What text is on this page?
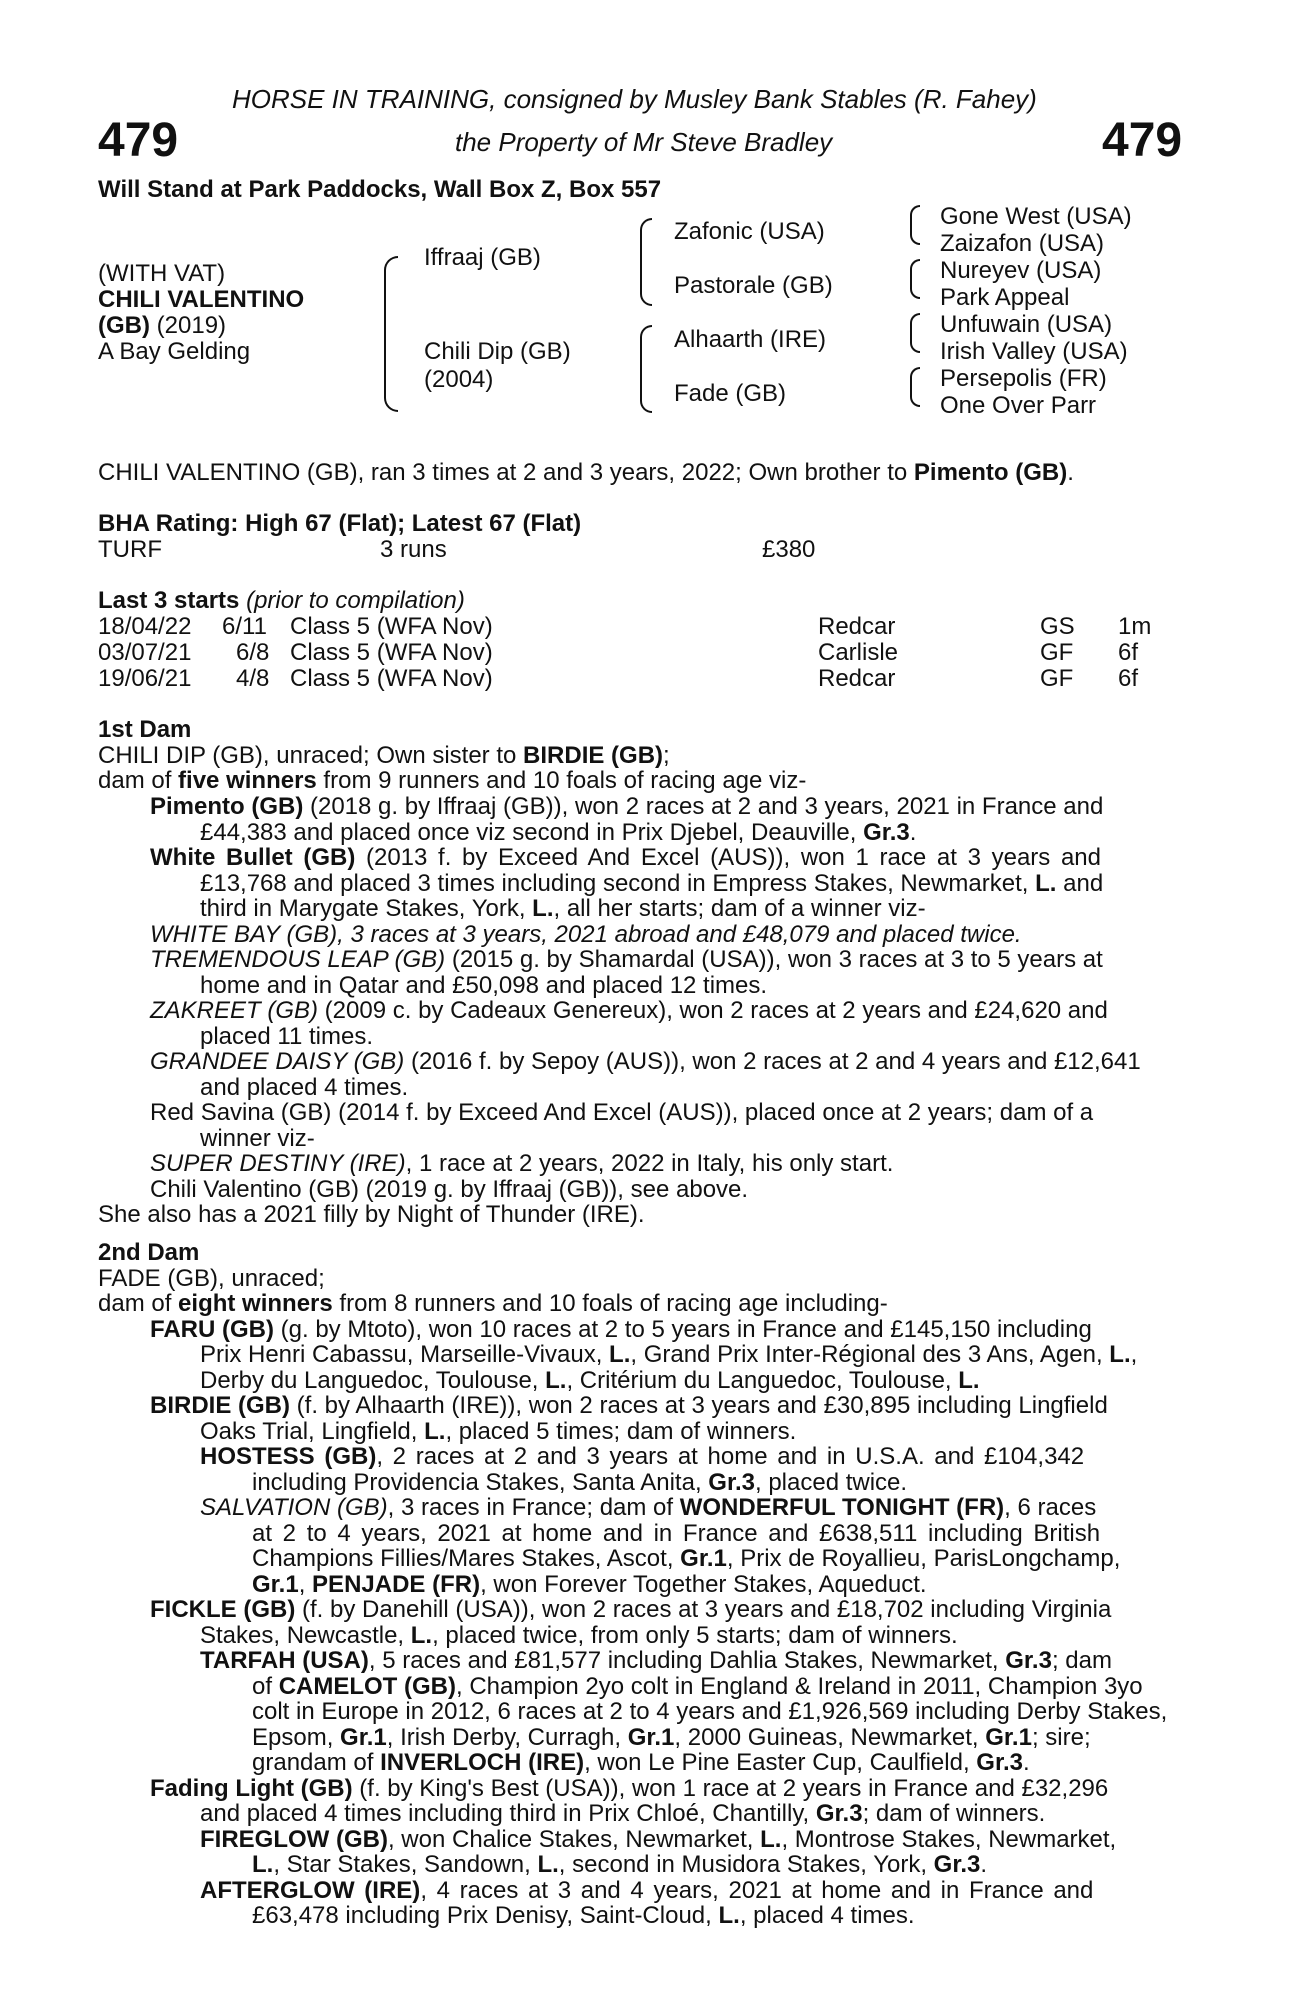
479	479
HORSE IN TRAINING, consigned by Musley Bank Stables (R. Fahey)
the Property of Mr Steve Bradley
Will Stand at Park Paddocks, Wall Box Z, Box 557
(WITH VAT)
CHILI VALENTINO
(GB) (2019)
A Bay Gelding
Iffraaj (GB)
Chili Dip (GB)
(2004)
Zafonic (USA)
Pastorale (GB)
Alhaarth (IRE)
Fade (GB)
Gone West (USA)
Zaizafon (USA)
Nureyev (USA)
Park Appeal
Unfuwain (USA)
Irish Valley (USA)
Persepolis (FR)
One Over Parr
CHILI VALENTINO (GB), ran 3 times at 2 and 3 years, 2022; Own brother to Pimento (GB).
BHA Rating: High 67 (Flat); Latest 67 (Flat)
TURF	3 runs	£380
Last 3 starts (prior to compilation)
18/04/22 6/11 Class 5 (WFA Nov)	Redcar	GS 1m
03/07/21 6/8 Class 5 (WFA Nov)	Carlisle	GF 6f
19/06/21 4/8 Class 5 (WFA Nov)	Redcar	GF 6f
1st Dam
CHILI DIP (GB), unraced; Own sister to BIRDIE (GB);
dam of five winners from 9 runners and 10 foals of racing age viz-
Pimento (GB) (2018 g. by Iffraaj (GB)), won 2 races at 2 and 3 years, 2021 in France and
£44,383 and placed once viz second in Prix Djebel, Deauville, Gr.3.
White Bullet (GB) (2013 f. by Exceed And Excel (AUS)), won 1 race at 3 years and
£13,768 and placed 3 times including second in Empress Stakes, Newmarket, L. and
third in Marygate Stakes, York, L., all her starts; dam of a winner viz-
WHITE BAY (GB), 3 races at 3 years, 2021 abroad and £48,079 and placed twice.
TREMENDOUS LEAP (GB) (2015 g. by Shamardal (USA)), won 3 races at 3 to 5 years at
home and in Qatar and £50,098 and placed 12 times.
ZAKREET (GB) (2009 c. by Cadeaux Genereux), won 2 races at 2 years and £24,620 and
placed 11 times.
GRANDEE DAISY (GB) (2016 f. by Sepoy (AUS)), won 2 races at 2 and 4 years and £12,641
and placed 4 times.
Red Savina (GB) (2014 f. by Exceed And Excel (AUS)), placed once at 2 years; dam of a
winner viz-
SUPER DESTINY (IRE), 1 race at 2 years, 2022 in Italy, his only start.
Chili Valentino (GB) (2019 g. by Iffraaj (GB)), see above.
She also has a 2021 filly by Night of Thunder (IRE).
2nd Dam
FADE (GB), unraced;
dam of eight winners from 8 runners and 10 foals of racing age including-
FARU (GB) (g. by Mtoto), won 10 races at 2 to 5 years in France and £145,150 including
Prix Henri Cabassu, Marseille-Vivaux, L., Grand Prix Inter-Régional des 3 Ans, Agen, L.,
Derby du Languedoc, Toulouse, L., Critérium du Languedoc, Toulouse, L.
BIRDIE (GB) (f. by Alhaarth (IRE)), won 2 races at 3 years and £30,895 including Lingfield
Oaks Trial, Lingfield, L., placed 5 times; dam of winners.
HOSTESS (GB), 2 races at 2 and 3 years at home and in U.S.A. and £104,342
including Providencia Stakes, Santa Anita, Gr.3, placed twice.
SALVATION (GB), 3 races in France; dam of WONDERFUL TONIGHT (FR), 6 races
at 2 to 4 years, 2021 at home and in France and £638,511 including British
Champions Fillies/Mares Stakes, Ascot, Gr.1, Prix de Royallieu, ParisLongchamp,
Gr.1, PENJADE (FR), won Forever Together Stakes, Aqueduct.
FICKLE (GB) (f. by Danehill (USA)), won 2 races at 3 years and £18,702 including Virginia
Stakes, Newcastle, L., placed twice, from only 5 starts; dam of winners.
TARFAH (USA), 5 races and £81,577 including Dahlia Stakes, Newmarket, Gr.3; dam
of CAMELOT (GB), Champion 2yo colt in England & Ireland in 2011, Champion 3yo
colt in Europe in 2012, 6 races at 2 to 4 years and £1,926,569 including Derby Stakes,
Epsom, Gr.1, Irish Derby, Curragh, Gr.1, 2000 Guineas, Newmarket, Gr.1; sire;
grandam of INVERLOCH (IRE), won Le Pine Easter Cup, Caulfield, Gr.3.
Fading Light (GB) (f. by King's Best (USA)), won 1 race at 2 years in France and £32,296
and placed 4 times including third in Prix Chloé, Chantilly, Gr.3; dam of winners.
FIREGLOW (GB), won Chalice Stakes, Newmarket, L., Montrose Stakes, Newmarket,
L., Star Stakes, Sandown, L., second in Musidora Stakes, York, Gr.3.
AFTERGLOW (IRE), 4 races at 3 and 4 years, 2021 at home and in France and
£63,478 including Prix Denisy, Saint-Cloud, L., placed 4 times.
